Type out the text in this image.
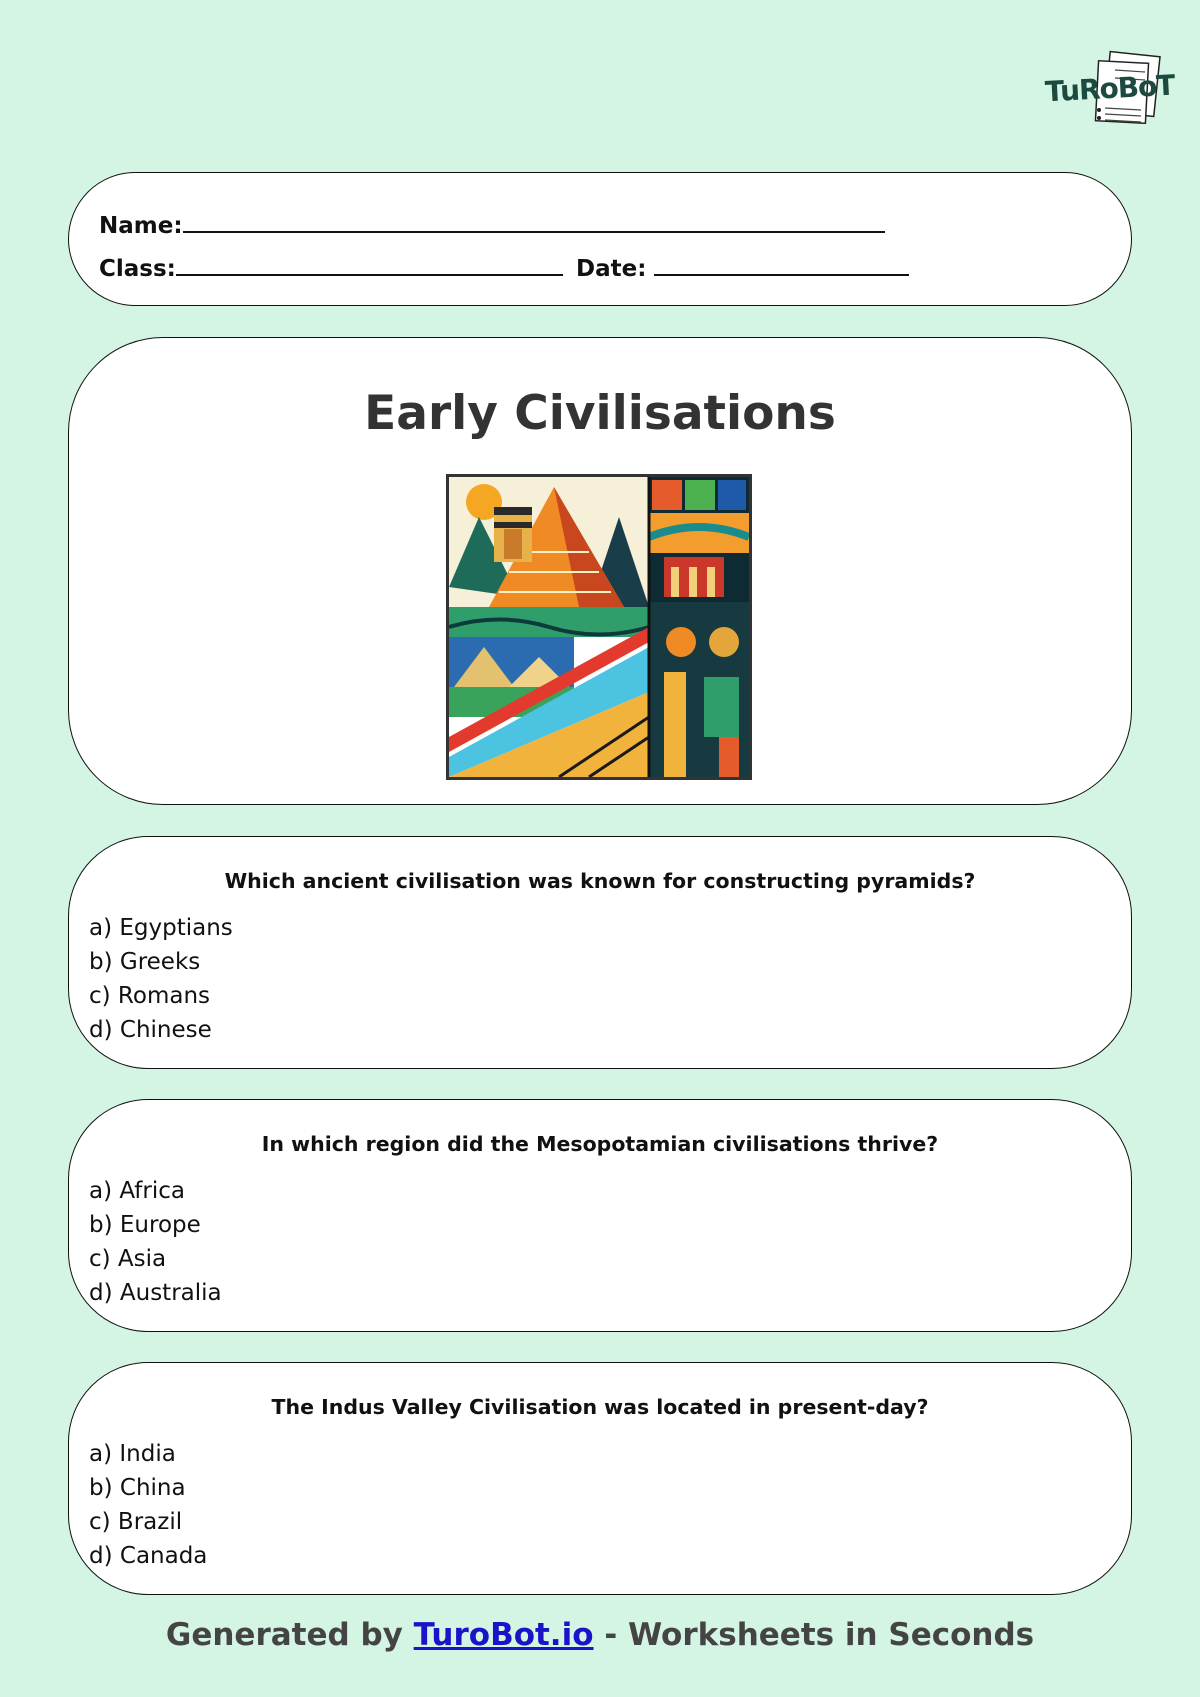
TuRoBoT
Name:
Class:	Date:
Early Civilisations
Which ancient civilisation was known for constructing pyramids?
a) Egyptians
b) Greeks
c) Romans
d) Chinese
In which region did the Mesopotamian civilisations thrive?
a) Africa
b) Europe
c) Asia
d) Australia
The Indus Valley Civilisation was located in present-day?
a) India
b) China
c) Brazil
d) Canada
Generated by TuroBot.io - Worksheets in Seconds
